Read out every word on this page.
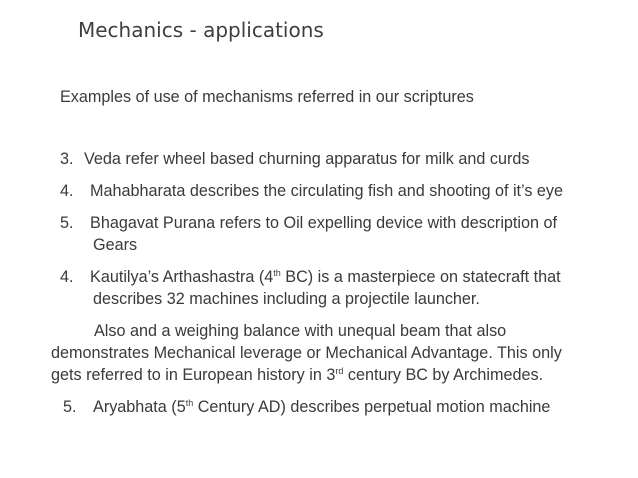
Mechanics - applications
Examples of use of mechanisms referred in our scriptures
3. Veda refer wheel based churning apparatus for milk and curds
4. Mahabharata describes the circulating fish and shooting of it’s eye
5. Bhagavat Purana refers to Oil expelling device with description of
Gears
4. Kautilya’s Arthashastra (4th BC) is a masterpiece on statecraft that
describes 32 machines including a projectile launcher.
Also and a weighing balance with unequal beam that also
demonstrates Mechanical leverage or Mechanical Advantage. This only
gets referred to in European history in 3rd century BC by Archimedes.
5. Aryabhata (5th Century AD) describes perpetual motion machine
